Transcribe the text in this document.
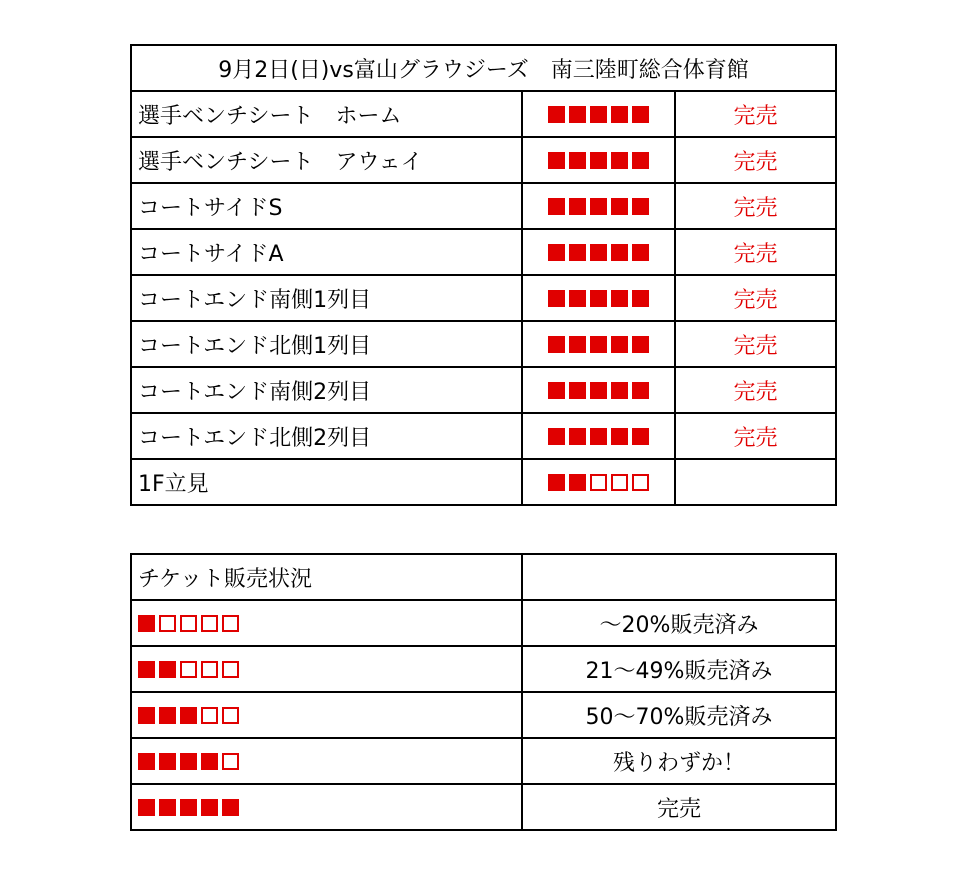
9月2日(日)vs富山グラウジーズ　南三陸町総合体育館		
選手ベンチシート　ホーム		完売
選手ベンチシート　アウェイ		完売
コートサイドS		完売
コートサイドA		完売
コートエンド南側1列目		完売
コートエンド北側1列目		完売
コートエンド南側2列目		完売
コートエンド北側2列目		完売
1F立見	

チケット販売状況	

	～20%販売済み

	21～49%販売済み

	50～70%販売済み

	残りわずか！

	完売
